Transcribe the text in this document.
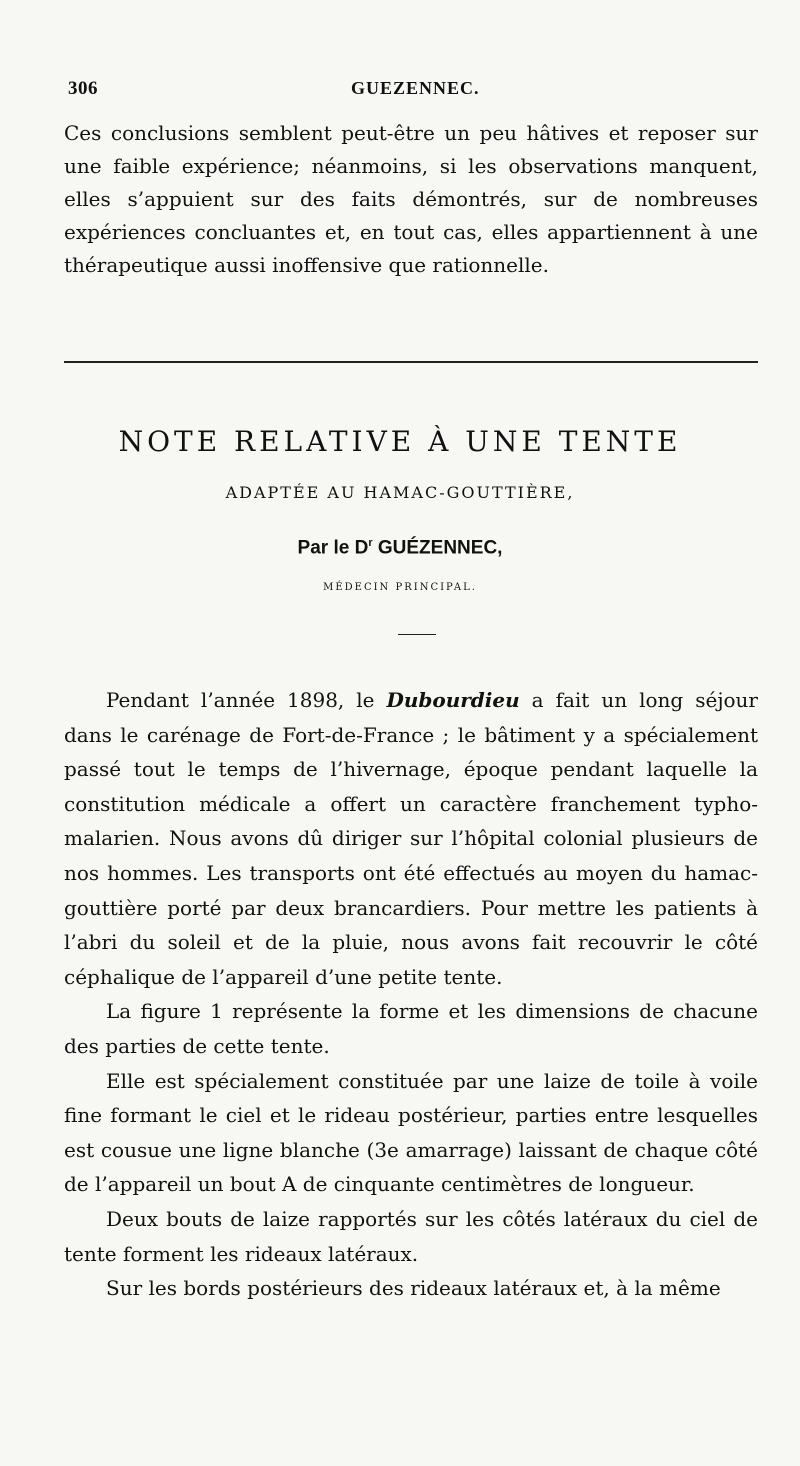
306	GUEZENNEC.

Ces conclusions semblent peut-être un peu hâtives et reposer sur une faible expérience; néanmoins, si les observations manquent, elles s’appuient sur des faits démontrés, sur de nombreuses expériences concluantes et, en tout cas, elles appartiennent à une thérapeutique aussi inoffensive que rationnelle.

NOTE RELATIVE À UNE TENTE
ADAPTÉE AU HAMAC-GOUTTIÈRE,
Par le $D^r$ GUÉZENNEC,
MÉDECIN PRINCIPAL.

Pendant l’année 1898, le Dubourdieu a fait un long séjour dans le carénage de Fort-de-France ; le bâtiment y a spécialement passé tout le temps de l’hivernage, époque pendant laquelle la constitution médicale a offert un caractère franchement typho-malarien. Nous avons dû diriger sur l’hôpital colonial plusieurs de nos hommes. Les transports ont été effectués au moyen du hamac-gouttière porté par deux brancardiers. Pour mettre les patients à l’abri du soleil et de la pluie, nous avons fait recouvrir le côté céphalique de l’appareil d’une petite tente.

La figure 1 représente la forme et les dimensions de chacune des parties de cette tente.

Elle est spécialement constituée par une laize de toile à voile fine formant le ciel et le rideau postérieur, parties entre lesquelles est cousue une ligne blanche (3e amarrage) laissant de chaque côté de l’appareil un bout A de cinquante centimètres de longueur.

Deux bouts de laize rapportés sur les côtés latéraux du ciel de tente forment les rideaux latéraux.

Sur les bords postérieurs des rideaux latéraux et, à la même
